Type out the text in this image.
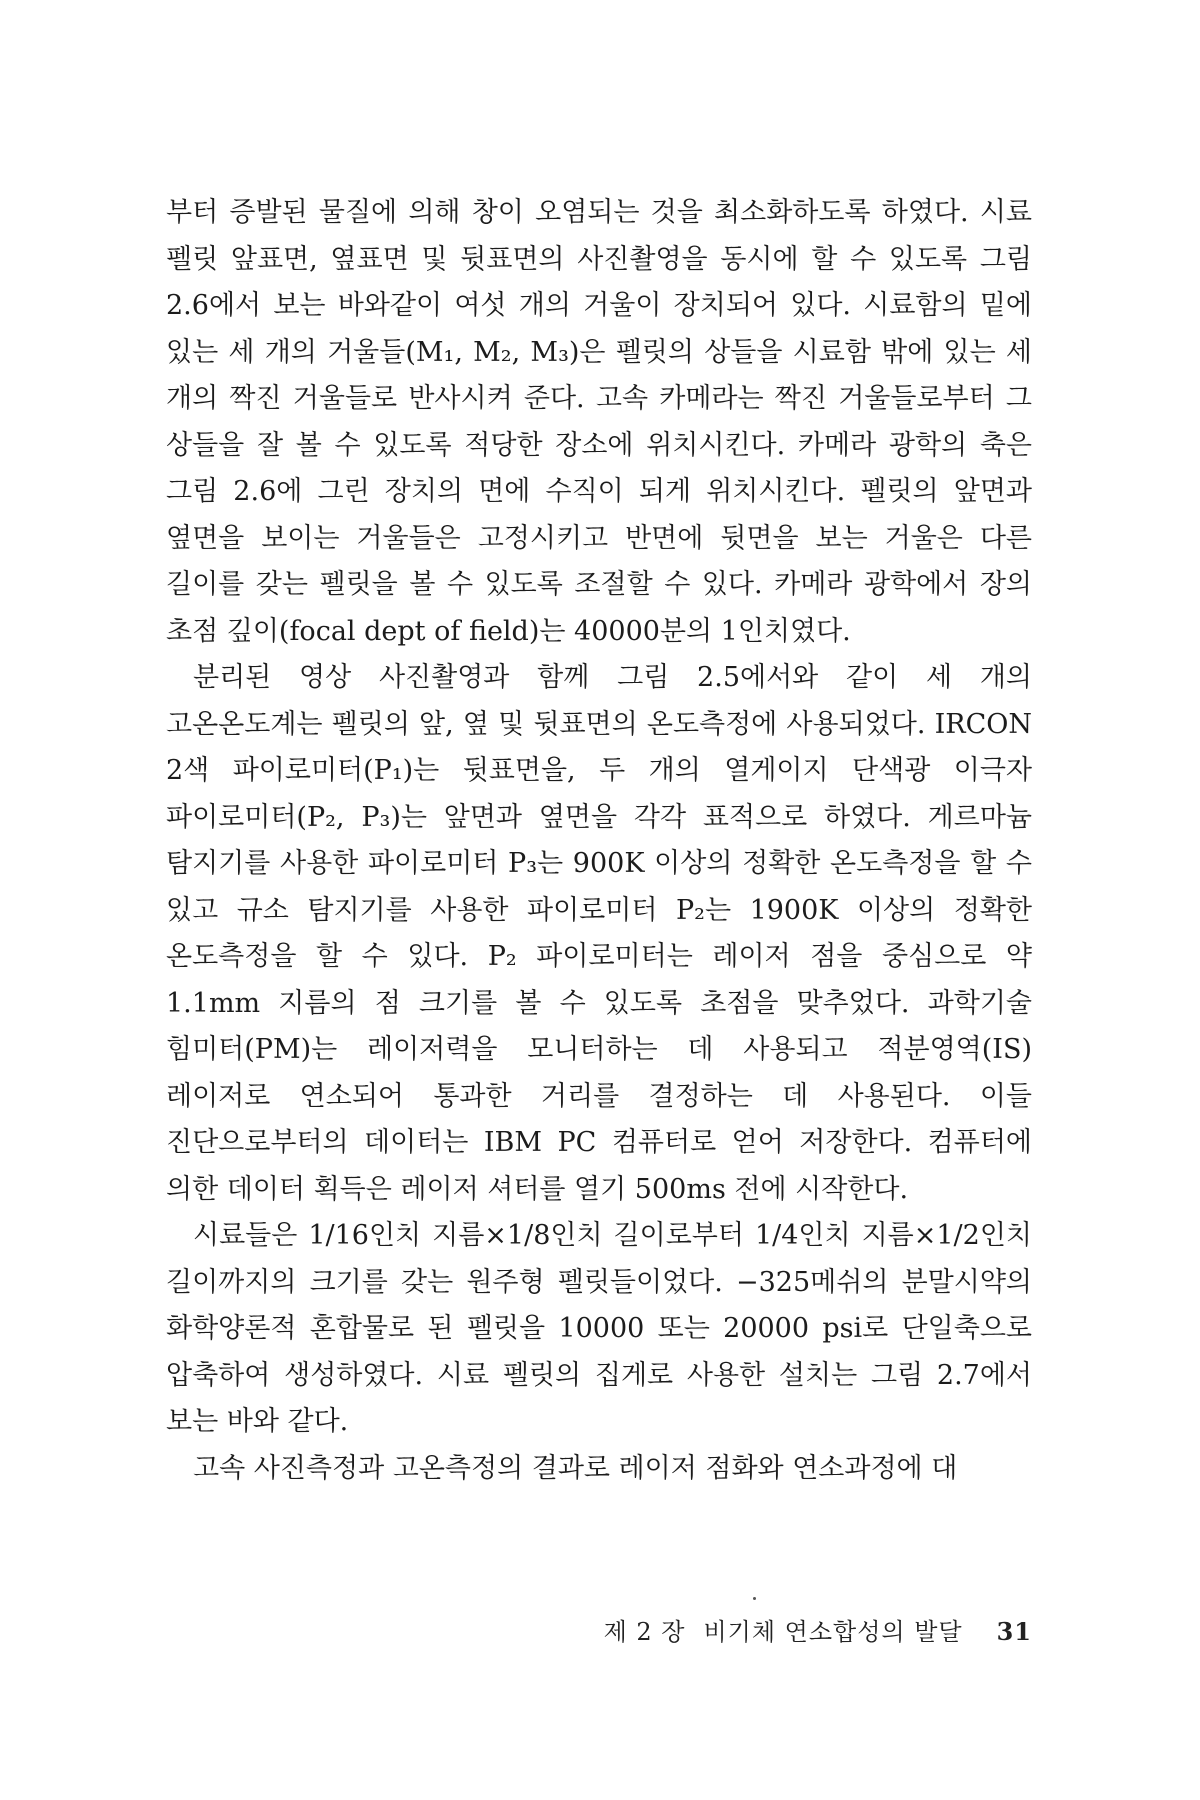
부터 증발된 물질에 의해 창이 오염되는 것을 최소화하도록 하였다. 시료 펠릿 앞표면, 옆표면 및 뒷표면의 사진촬영을 동시에 할 수 있도록 그림 2.6에서 보는 바와같이 여섯 개의 거울이 장치되어 있다. 시료함의 밑에 있는 세 개의 거울들(M₁, M₂, M₃)은 펠릿의 상들을 시료함 밖에 있는 세 개의 짝진 거울들로 반사시켜 준다. 고속 카메라는 짝진 거울들로부터 그 상들을 잘 볼 수 있도록 적당한 장소에 위치시킨다. 카메라 광학의 축은 그림 2.6에 그린 장치의 면에 수직이 되게 위치시킨다. 펠릿의 앞면과 옆면을 보이는 거울들은 고정시키고 반면에 뒷면을 보는 거울은 다른 길이를 갖는 펠릿을 볼 수 있도록 조절할 수 있다. 카메라 광학에서 장의 초점 깊이(focal dept of field)는 40000분의 1인치였다.

분리된 영상 사진촬영과 함께 그림 2.5에서와 같이 세 개의 고온온도계는 펠릿의 앞, 옆 및 뒷표면의 온도측정에 사용되었다. IRCON 2색 파이로미터(P₁)는 뒷표면을, 두 개의 열게이지 단색광 이극자 파이로미터(P₂, P₃)는 앞면과 옆면을 각각 표적으로 하였다. 게르마늄 탐지기를 사용한 파이로미터 P₃는 900K 이상의 정확한 온도측정을 할 수 있고 규소 탐지기를 사용한 파이로미터 P₂는 1900K 이상의 정확한 온도측정을 할 수 있다. P₂ 파이로미터는 레이저 점을 중심으로 약 1.1mm 지름의 점 크기를 볼 수 있도록 초점을 맞추었다. 과학기술 힘미터(PM)는 레이저력을 모니터하는 데 사용되고 적분영역(IS) 레이저로 연소되어 통과한 거리를 결정하는 데 사용된다. 이들 진단으로부터의 데이터는 IBM PC 컴퓨터로 얻어 저장한다. 컴퓨터에 의한 데이터 획득은 레이저 셔터를 열기 500ms 전에 시작한다.

시료들은 1/16인치 지름×1/8인치 길이로부터 1/4인치 지름×1/2인치 길이까지의 크기를 갖는 원주형 펠릿들이었다. −325메쉬의 분말시약의 화학양론적 혼합물로 된 펠릿을 10000 또는 20000 psi로 단일축으로 압축하여 생성하였다. 시료 펠릿의 집게로 사용한 설치는 그림 2.7에서 보는 바와 같다.

고속 사진측정과 고온측정의 결과로 레이저 점화와 연소과정에 대

제 2 장 비기체 연소합성의 발달 31
